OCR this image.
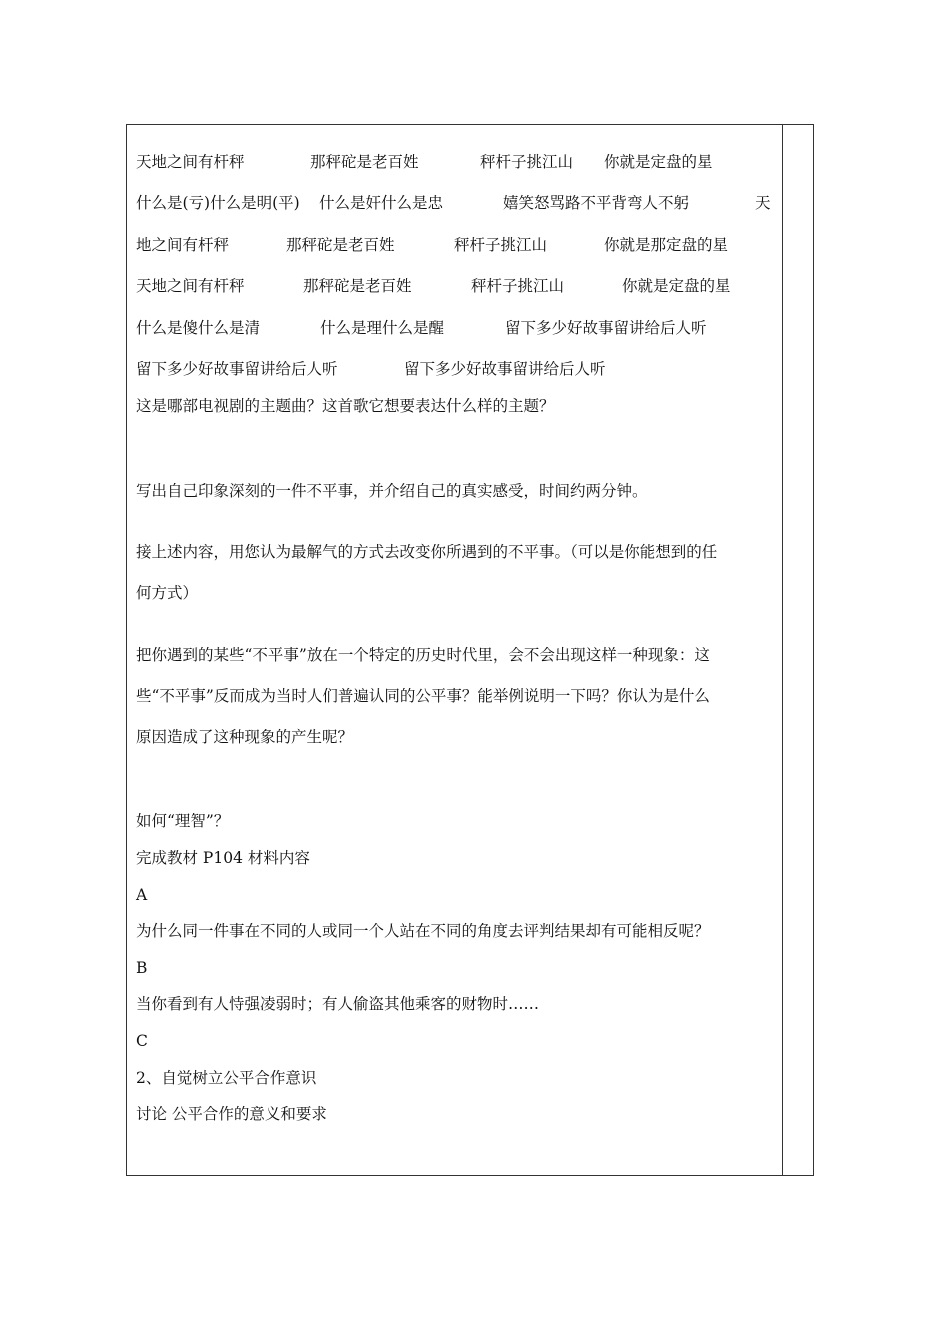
天地之间有杆秤	那秤砣是老百姓	秤杆子挑江山 你就是定盘的星
什么是(亏)什么是明(平) 什么是奸什么是忠	嬉笑怒骂路不平背弯人不躬	天
地之间有杆秤	那秤砣是老百姓	秤杆子挑江山	你就是那定盘的星
天地之间有杆秤	那秤砣是老百姓	秤杆子挑江山	你就是定盘的星
什么是傻什么是清	什么是理什么是醒	留下多少好故事留讲给后人听
留下多少好故事留讲给后人听	留下多少好故事留讲给后人听
这是哪部电视剧的主题曲？这首歌它想要表达什么样的主题？
写出自己印象深刻的一件不平事，并介绍自己的真实感受，时间约两分钟。
接上述内容，用您认为最解气的方式去改变你所遇到的不平事。（可以是你能想到的任
何方式）
把你遇到的某些“不平事”放在一个特定的历史时代里，会不会出现这样一种现象：这
些“不平事”反而成为当时人们普遍认同的公平事？能举例说明一下吗？你认为是什么
原因造成了这种现象的产生呢？
如何“理智”？
完成教材 P104 材料内容
A
为什么同一件事在不同的人或同一个人站在不同的角度去评判结果却有可能相反呢？
B
当你看到有人恃强凌弱时；有人偷盗其他乘客的财物时……
C
2、自觉树立公平合作意识
讨论 公平合作的意义和要求
